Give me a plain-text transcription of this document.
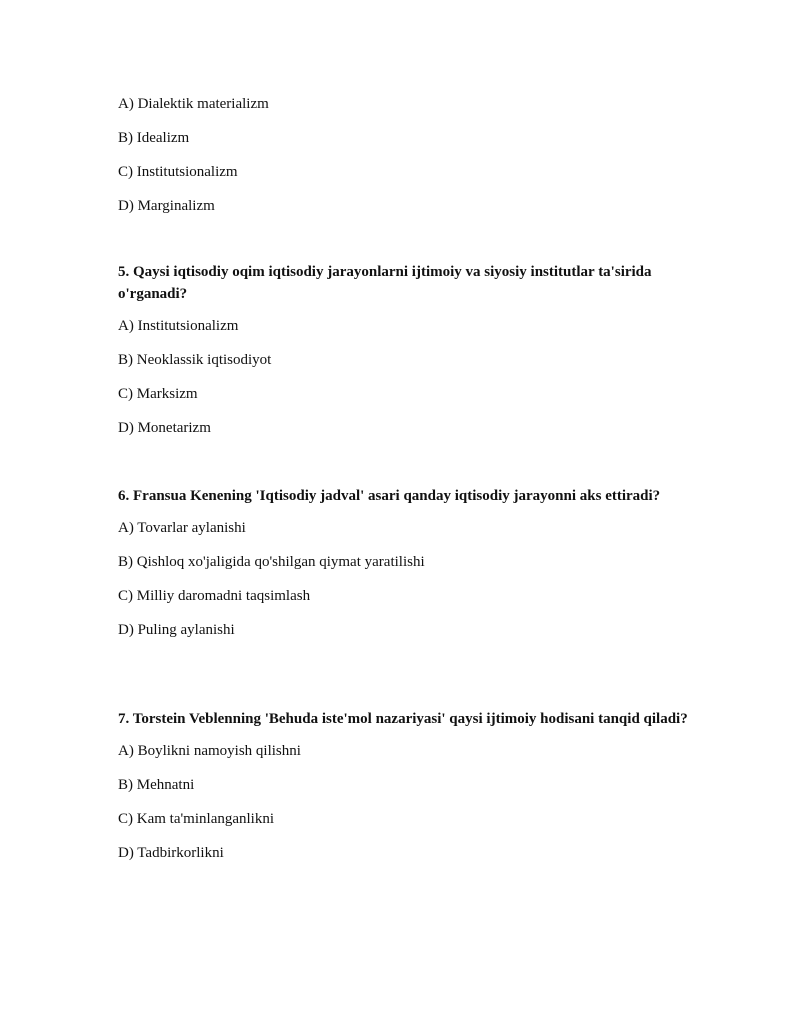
A) Dialektik materializm

B) Idealizm

C) Institutsionalizm

D) Marginalizm

5. Qaysi iqtisodiy oqim iqtisodiy jarayonlarni ijtimoiy va siyosiy institutlar ta'sirida o'rganadi?

A) Institutsionalizm

B) Neoklassik iqtisodiyot

C) Marksizm

D) Monetarizm

6. Fransua Kenening 'Iqtisodiy jadval' asari qanday iqtisodiy jarayonni aks ettiradi?

A) Tovarlar aylanishi

B) Qishloq xo'jaligida qo'shilgan qiymat yaratilishi

C) Milliy daromadni taqsimlash

D) Puling aylanishi

7. Torstein Veblenning 'Behuda iste'mol nazariyasi' qaysi ijtimoiy hodisani tanqid qiladi?

A) Boylikni namoyish qilishni

B) Mehnatni

C) Kam ta'minlanganlikni

D) Tadbirkorlikni
